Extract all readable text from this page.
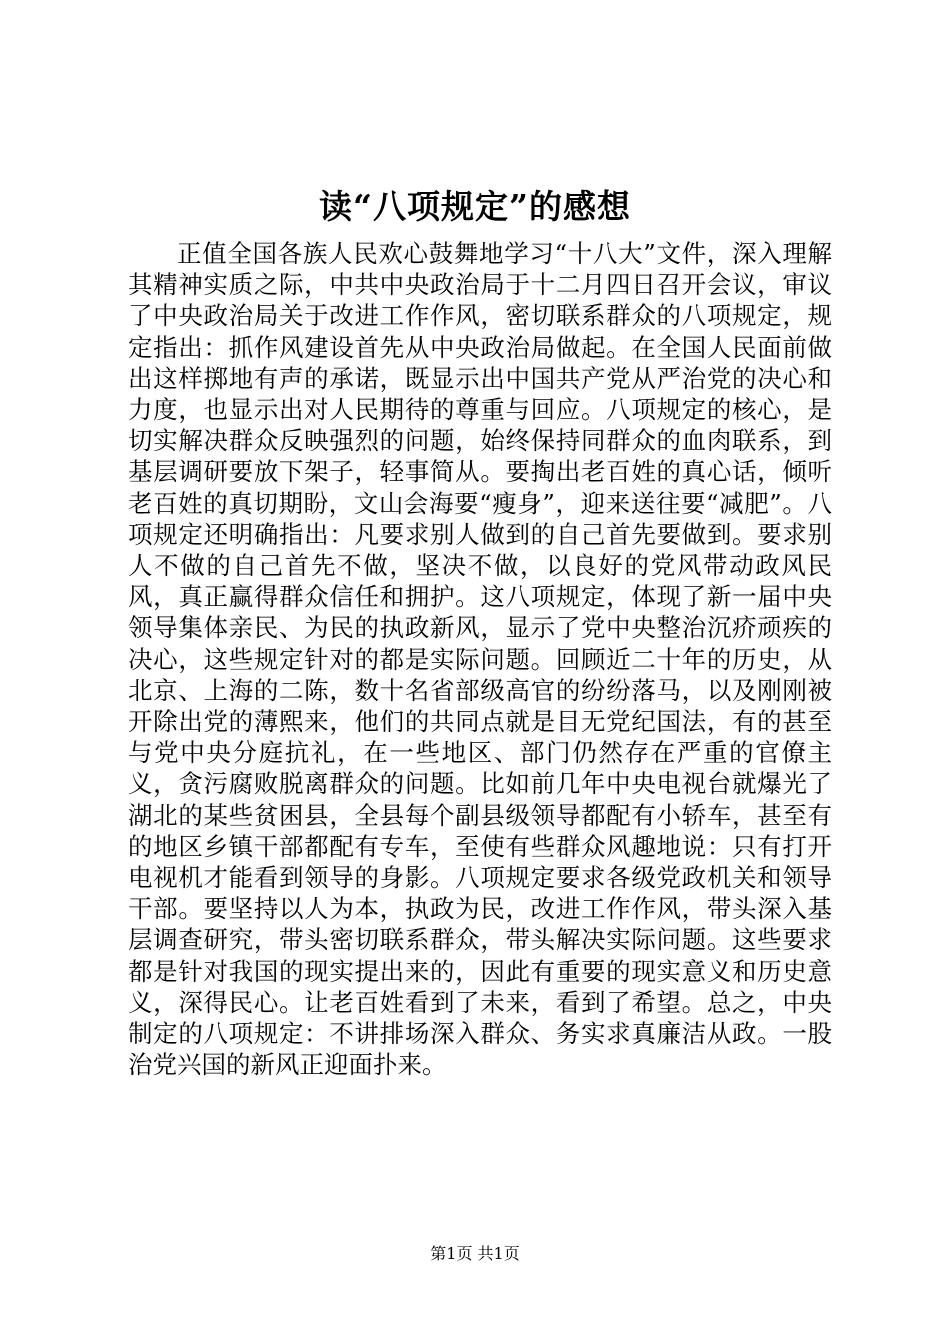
读“八项规定”的感想

正值全国各族人民欢心鼓舞地学习“十八大”文件，深入理解其精神实质之际，中共中央政治局于十二月四日召开会议，审议了中央政治局关于改进工作作风，密切联系群众的八项规定，规定指出：抓作风建设首先从中央政治局做起。在全国人民面前做出这样掷地有声的承诺，既显示出中国共产党从严治党的决心和力度，也显示出对人民期待的尊重与回应。八项规定的核心，是切实解决群众反映强烈的问题，始终保持同群众的血肉联系，到基层调研要放下架子，轻事简从。要掏出老百姓的真心话，倾听老百姓的真切期盼，文山会海要“瘦身”，迎来送往要“减肥”。八项规定还明确指出：凡要求别人做到的自己首先要做到。要求别人不做的自己首先不做，坚决不做，以良好的党风带动政风民风，真正赢得群众信任和拥护。这八项规定，体现了新一届中央领导集体亲民、为民的执政新风，显示了党中央整治沉疥顽疾的决心，这些规定针对的都是实际问题。回顾近二十年的历史，从北京、上海的二陈，数十名省部级高官的纷纷落马，以及刚刚被开除出党的薄熙来，他们的共同点就是目无党纪国法，有的甚至与党中央分庭抗礼，在一些地区、部门仍然存在严重的官僚主义，贪污腐败脱离群众的问题。比如前几年中央电视台就爆光了湖北的某些贫困县，全县每个副县级领导都配有小轿车，甚至有的地区乡镇干部都配有专车，至使有些群众风趣地说：只有打开电视机才能看到领导的身影。八项规定要求各级党政机关和领导干部。要坚持以人为本，执政为民，改进工作作风，带头深入基层调查研究，带头密切联系群众，带头解决实际问题。这些要求都是针对我国的现实提出来的，因此有重要的现实意义和历史意义，深得民心。让老百姓看到了未来，看到了希望。总之，中央制定的八项规定：不讲排场深入群众、务实求真廉洁从政。一股治党兴国的新风正迎面扑来。

第1页 共1页
